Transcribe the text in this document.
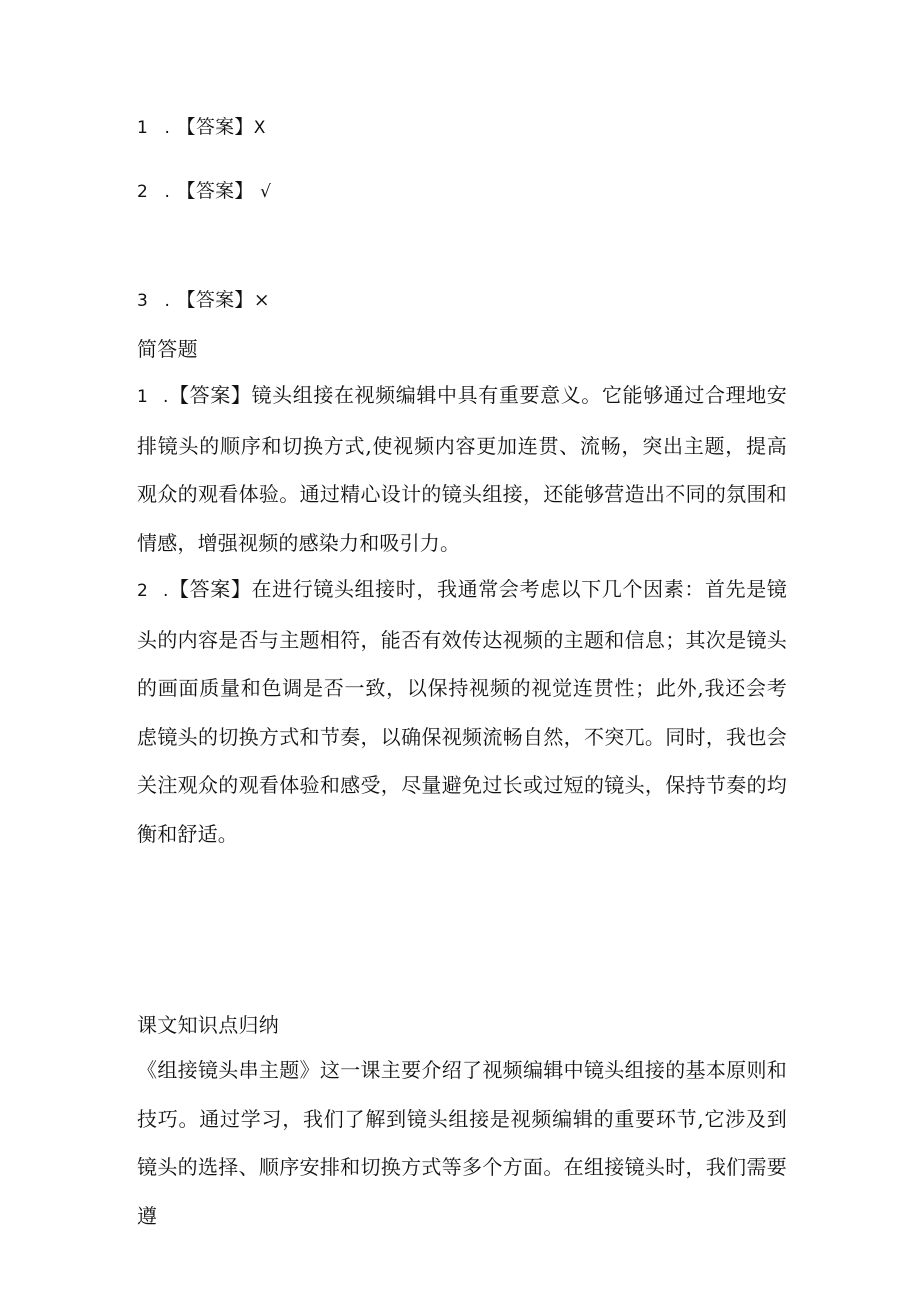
1 . 【答案】X
2 . 【答案】 √
3 . 【答案】×
简答题
1 .【答案】镜头组接在视频编辑中具有重要意义。它能够通过合理地安排镜头的顺序和切换方式,使视频内容更加连贯、流畅，突出主题，提高观众的观看体验。通过精心设计的镜头组接，还能够营造出不同的氛围和情感，增强视频的感染力和吸引力。
2 .【答案】在进行镜头组接时，我通常会考虑以下几个因素：首先是镜头的内容是否与主题相符，能否有效传达视频的主题和信息；其次是镜头的画面质量和色调是否一致，以保持视频的视觉连贯性；此外,我还会考虑镜头的切换方式和节奏，以确保视频流畅自然，不突兀。同时，我也会关注观众的观看体验和感受，尽量避免过长或过短的镜头，保持节奏的均衡和舒适。
课文知识点归纳
《组接镜头串主题》这一课主要介绍了视频编辑中镜头组接的基本原则和技巧。通过学习，我们了解到镜头组接是视频编辑的重要环节,它涉及到镜头的选择、顺序安排和切换方式等多个方面。在组接镜头时，我们需要遵
